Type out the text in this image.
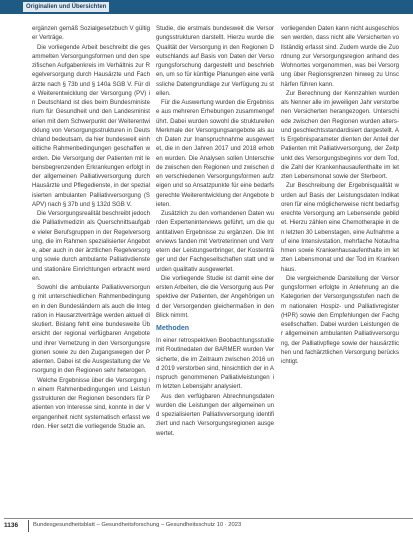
Originalien und Übersichten

ergänzen gemäß Sozialgesetzbuch V gültiger Verträge.

Die vorliegende Arbeit beschreibt die gesammelten Versorgungsformen und den spezifischen Aufgabenkreis im Verhältnis zur Regelversorgung durch Hausärzte und Fachärzte nach § 73b und § 140a SGB V. Für die Weiterentwicklung der Versorgung (PV) in Deutschland ist dies beim Bundesministerium für Gesundheit und den Landesministerien mit dem Schwerpunkt der Weiterentwicklung von Versorgungsstrukturen in Deutschland bedeutsam, da hier bundesweit einheitliche Rahmenbedingungen geschaffen werden. Die Versorgung der Patienten mit lebensbegrenzenden Erkrankungen erfolgt in der allgemeinen Palliativversorgung durch Hausärzte und Pflegedienste, in der spezialisierten ambulanten Palliativversorgung (SAPV) nach § 37b und § 132d SGB V.

Die Versorgungsrealität beschreibt jedoch die Palliativmedizin als Querschnittsaufgabe vieler Berufsgruppen in der Regelversorgung, die im Rahmen spezialisierter Angebote, aber auch in der ärztlichen Regelversorgung sowie durch ambulante Palliativdienste und stationäre Einrichtungen erbracht werden.

Sowohl die ambulante Palliativversorgung mit unterschiedlichen Rahmenbedingungen in den Bundesländern als auch die Integration in Hausarztverträge werden aktuell diskutiert. Bislang fehlt eine bundesweite Übersicht der regional verfügbaren Angebote und ihrer Vernetzung in den Versorgungsregionen sowie zu den Zugangswegen der Patienten. Dabei ist die Ausgestaltung der Versorgung in den Regionen sehr heterogen.

Welche Ergebnisse über die Versorgung in einem Rahmenbedingungen und Leistungsstrukturen der Regionen besonders für Patienten von Interesse sind, konnte in der Vergangenheit nicht systematisch erfasst werden. Hier setzt die vorliegende Studie an.

Studie, die erstmals bundesweit die Versorgungsstrukturen darstellt. Hierzu wurde die Qualität der Versorgung in den Regionen Deutschlands auf Basis von Daten der Versorgungsforschung dargestellt und beschrieben, um so für künftige Planungen eine verlässliche Datengrundlage zur Verfügung zu stellen.

Für die Auswertung wurden die Ergebnisse aus mehreren Erhebungen zusammengeführt. Dabei wurden sowohl die strukturellen Merkmale der Versorgungsangebote als auch Daten zur Inanspruchnahme ausgewertet, die in den Jahren 2017 und 2018 erhoben wurden. Die Analysen sollen Unterschiede zwischen den Regionen und zwischen den verschiedenen Versorgungsformen aufzeigen und so Ansatzpunkte für eine bedarfsgerechte Weiterentwicklung der Angebote bieten.

Zusätzlich zu den vorhandenen Daten wurden Experteninterviews geführt, um die quantitativen Ergebnisse zu ergänzen. Die Interviews fanden mit Vertreterinnen und Vertretern der Leistungserbringer, der Kostenträger und der Fachgesellschaften statt und wurden qualitativ ausgewertet.

Die vorliegende Studie ist damit eine der ersten Arbeiten, die die Versorgung aus Perspektive der Patienten, der Angehörigen und der Versorgenden gleichermaßen in den Blick nimmt.

Methoden

In einer retrospektiven Beobachtungsstudie mit Routinedaten der BARMER wurden Versicherte, die im Zeitraum zwischen 2016 und 2019 verstorben sind, hinsichtlich der in Anspruch genommenen Palliativleistungen im letzten Lebensjahr analysiert.

Aus den verfügbaren Abrechnungsdaten wurden die Leistungen der allgemeinen und spezialisierten Palliativversorgung identifiziert und nach Versorgungsregionen ausgewertet.

vorliegenden Daten kann nicht ausgeschlossen werden, dass nicht alle Versicherten vollständig erfasst sind. Zudem wurde die Zuordnung zur Versorgungsregion anhand des Wohnortes vorgenommen, was bei Versorgung über Regionsgrenzen hinweg zu Unschärfen führen kann.

Zur Berechnung der Kennzahlen wurden als Nenner alle im jeweiligen Jahr verstorbenen Versicherten herangezogen. Unterschiede zwischen den Regionen wurden alters- und geschlechtsstandardisiert dargestellt. Als Ergebnisparameter dienten der Anteil der Patienten mit Palliativversorgung, der Zeitpunkt des Versorgungsbeginns vor dem Tod, die Zahl der Krankenhausaufenthalte im letzten Lebensmonat sowie der Sterbeort.

Zur Beschreibung der Ergebnisqualität wurden auf Basis der Leistungsdaten Indikatoren für eine möglicherweise nicht bedarfsgerechte Versorgung am Lebensende gebildet. Hierzu zählen eine Chemotherapie in den letzten 30 Lebenstagen, eine Aufnahme auf eine Intensivstation, mehrfache Notaufnahmen sowie Krankenhausaufenthalte im letzten Lebensmonat und der Tod im Krankenhaus.

Die vergleichende Darstellung der Versorgungsformen erfolgte in Anlehnung an die Kategorien der Versorgungsstufen nach dem nationalen Hospiz- und Palliativregister (HPR) sowie den Empfehlungen der Fachgesellschaften. Dabei wurden Leistungen der allgemeinen ambulanten Palliativversorgung, der Palliativpflege sowie der hausärztlichen und fachärztlichen Versorgung berücksichtigt.

1136	Bundesgesundheitsblatt – Gesundheitsforschung – Gesundheitsschutz 10 · 2023
